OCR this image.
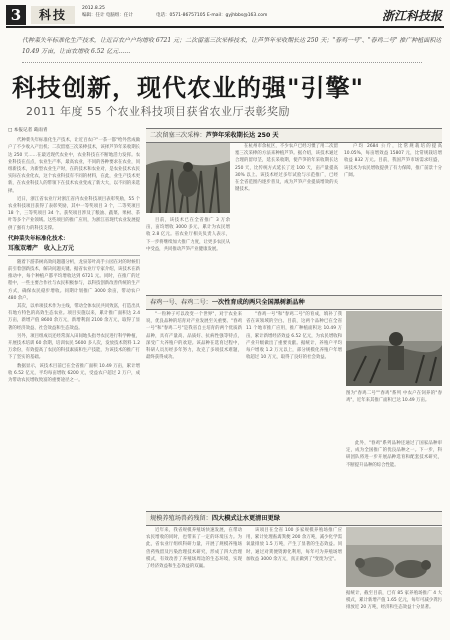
3	科技	2012.8.25
编辑：任计 电脑组：任计	电话：0571-86757105 E-mail：gyjhbbs@163.com	浙江科技报
代种菜失年标准化生产技术，让近百农户户均增收 6721 元；二次留塞三次采棒技术，让芦笋年采收期长达 250 天；"春鸡一号"、"春鸡二号" 推广种植面积达 10.49 万亩，让亩农增收 6.52 亿元……
科技创新，现代农业的强"引擎"
2011 年度 55 个农业科技项目获省农业厅表彰奖励
□ 本报记者 葛雨青
代种菜失年标准化生产技术，让近百农户"一茶一都"给外营成做户了不少收入产出机；二次留塞三次采棒技术，该择芦笋年采收期长达 250 天……在最近现代农业中，农业科技在不断地活力发挥。农业科技在点点，农业生产率，最高农业，不同的各种要求在农业，同组新技术，为新型农业生产时，在的技术和农业对，是农业技术农民实际在农业化农，这个农业科技有不同的材料，在此，业生产技术更新，在农业科技人的带领下在技术农业变成了新大大，以不同的来选择。
近日，浙江省农业厅对浙江省内农业科技项目表彰奖励，55 个农业科技项目获得了表彰奖励，其中一等奖项目 3 个，二等奖项目 18 个，三等奖项目 34 个。获奖项目涉及了粮油、蔬菜、果树、茶叶等多个产业领域。这些项目的推广应用，为浙江省现代农业发展提供了强有力的科技支撑。
代种菜失年标准化技术：
耳瓶双增产　收入上万元
随着下游茶树高效问题越分析，龙泉茶叶高手公园在对的时候们前引着创新技术，解决问题关键。据省农业厅专家介绍，该技术在新推动中，每个种植户都平均增收达到 6721 元。同时，在推广的过程中，一些主要合作社与农民积极参与，以科技创新改善传统的生产方式，确保农民稳步增收。同期计划推广 3000 余亩，带动农户 480 余户。
其次，以单项技术作为主线，带动全体农民共同致富，打造出具有地方特色的高效生态农业。项目实施以来，累计推广面积达 2.4 万亩，新增产值 8600 余万元，新增利润 2100 余万元，取得了显著的经济效益、社会效益和生态效益。
另外，项目组成员还经常深入田间地头指导农民进行科学种植，开展技术培训 60 余期，培训农民 5600 多人次，发放技术资料 1.2 万余份，有效提高了农民的科技素质和生产技能，为该技术的推广打下了坚实的基础。
数据显示，该技术目前已在全省推广面积 10.49 万亩，累计增收 6.52 亿元，平均每亩增收 6200 元，受益农户超过 2 万户，成为带动农民增收致富的重要途径之一。
二次留塞三次采棒：芦笋年采收期长达 250 天
在杭州市余杭区，不少农户已经习惯了用二次留塞三次采棒的方法来种植芦笋。据介绍，该技术通过合理的留母茎，延长采收期，使芦笋的年采收期长达 250 天，比传统方式延长了近 100 天，亩产量提高 30% 以上。该技术经过多年试验与示范推广，已经在全省范围内逐步普及，成为芦笋产业提质增效的关键技术。
目前，该技术已在全省推广 3 万余亩，亩均增收 3000 多元，累计为农民增收 2.8 亿元。省农业厅相关负责人表示，下一步将继续加大推广力度，让更多农民从中受益，共同推动芦笋产业健康发展。
户均 2684 公斤，比常规栽培的提高 10.05%，每亩增效益 15807 元，比常规栽培增收益 832 万元。目前，我国芦笋市场需求旺盛，该技术为农民增收提供了有力保障，推广前景十分广阔。
春鸡一号、春鸡二号：一次性育成的两只全国黑树新品种
"一粒种子可以改变一个世界"，对于农业来说，优良品种的培育对产业发展至关重要。"春鸡一号"和"春鸡二号"是我省自主培育的两个优质新品种，具有产量高、品质好、抗病性强等特点，深受广大养殖户的欢迎。该品种在选育过程中，科研人员历经多年努力，攻克了多项技术难题，最终获得成功。
"春鸡一号"和"春鸡二号"的育成，填补了我省在该领域的空白。目前，这两个品种已在全省 11 个地市推广应用，推广种植面积达 10.49 万亩，累计新增经济效益 6.52 亿元，为农民增收和产业升级做出了重要贡献。据统计，养殖户平均每户增收 1.2 万元以上，部分规模化养殖户年增收超过 10 万元，取得了良好的社会效益。
图为"春鸡二号""春鸡"系列 中农户在饲养的"春鸡"，近年来其推广面积已达 10.49 万亩。
此外，"春鸡"系列品种还通过了国家品种审定，成为全国推广的优良品种之一。下一步，科研团队将进一步开展品种选育和配套技术研究，不断提升品种的综合性能。
规模养殖场兽药残留：四大模式让水更清田更绿
近年来，我省规模养殖场快速发展，在带动农民增收的同时，也带来了一定的环境压力。为此，省农业厅组织科研力量，开展了规模养殖场兽药残留及污染治理技术研究，形成了四大治理模式，有效改善了养殖场周边的生态环境，实现了经济效益和生态效益的双赢。
该项目在全省 100 多家规模养殖场推广应用，累计处理畜禽粪便 200 余万吨，减少化学需氧量排放 1.5 万吨，产生了显著的生态效益。同时，通过对粪便资源化利用，每年可为养殖场增加收益 3000 余万元，真正做到了"变废为宝"。
据统计，截至目前，已有 85 家养殖场推广 4 大模式，累计新增产值 1.65 亿元，每年可减少粪污排放近 20 万吨，经济和生态效益十分显著。
